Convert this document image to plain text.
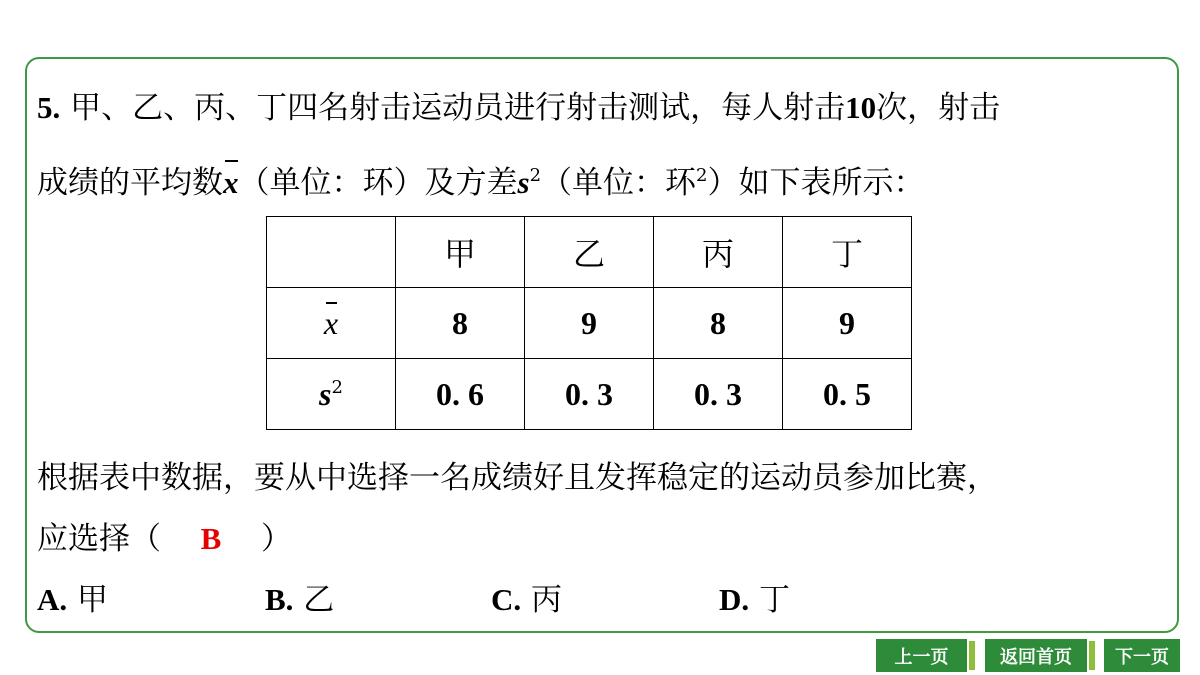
5. 甲、乙、丙、丁四名射击运动员进行射击测试，每人射击10次，射击
成绩的平均数x（单位：环）及方差$s^2$（单位：环$^2$）如下表所示：
	甲	乙	丙	丁
x	8	9	8	9
$s^2$	0. 6	0. 3	0. 3	0. 5
根据表中数据，要从中选择一名成绩好且发挥稳定的运动员参加比赛，
应选择（ B ）
A. 甲	B. 乙	C. 丙	D. 丁
上一页	返回首页	下一页
